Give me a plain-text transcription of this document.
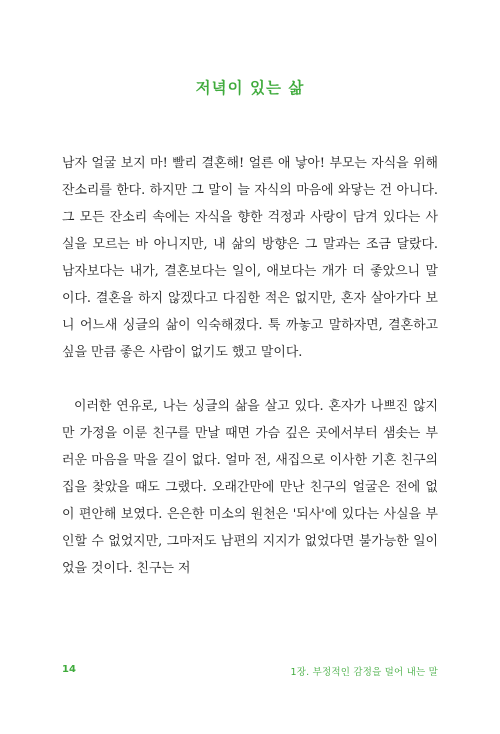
저녁이 있는 삶

남자 얼굴 보지 마! 빨리 결혼해! 얼른 애 낳아! 부모는 자식을 위해 잔소리를 한다. 하지만 그 말이 늘 자식의 마음에 와닿는 건 아니다. 그 모든 잔소리 속에는 자식을 향한 걱정과 사랑이 담겨 있다는 사실을 모르는 바 아니지만, 내 삶의 방향은 그 말과는 조금 달랐다. 남자보다는 내가, 결혼보다는 일이, 애보다는 개가 더 좋았으니 말이다. 결혼을 하지 않겠다고 다짐한 적은 없지만, 혼자 살아가다 보니 어느새 싱글의 삶이 익숙해졌다. 툭 까놓고 말하자면, 결혼하고 싶을 만큼 좋은 사람이 없기도 했고 말이다.

이러한 연유로, 나는 싱글의 삶을 살고 있다. 혼자가 나쁘진 않지만 가정을 이룬 친구를 만날 때면 가슴 깊은 곳에서부터 샘솟는 부러운 마음을 막을 길이 없다. 얼마 전, 새집으로 이사한 기혼 친구의 집을 찾았을 때도 그랬다. 오래간만에 만난 친구의 얼굴은 전에 없이 편안해 보였다. 은은한 미소의 원천은 '되사'에 있다는 사실을 부인할 수 없었지만, 그마저도 남편의 지지가 없었다면 불가능한 일이었을 것이다. 친구는 저

14	1장. 부정적인 감정을 덜어 내는 말
